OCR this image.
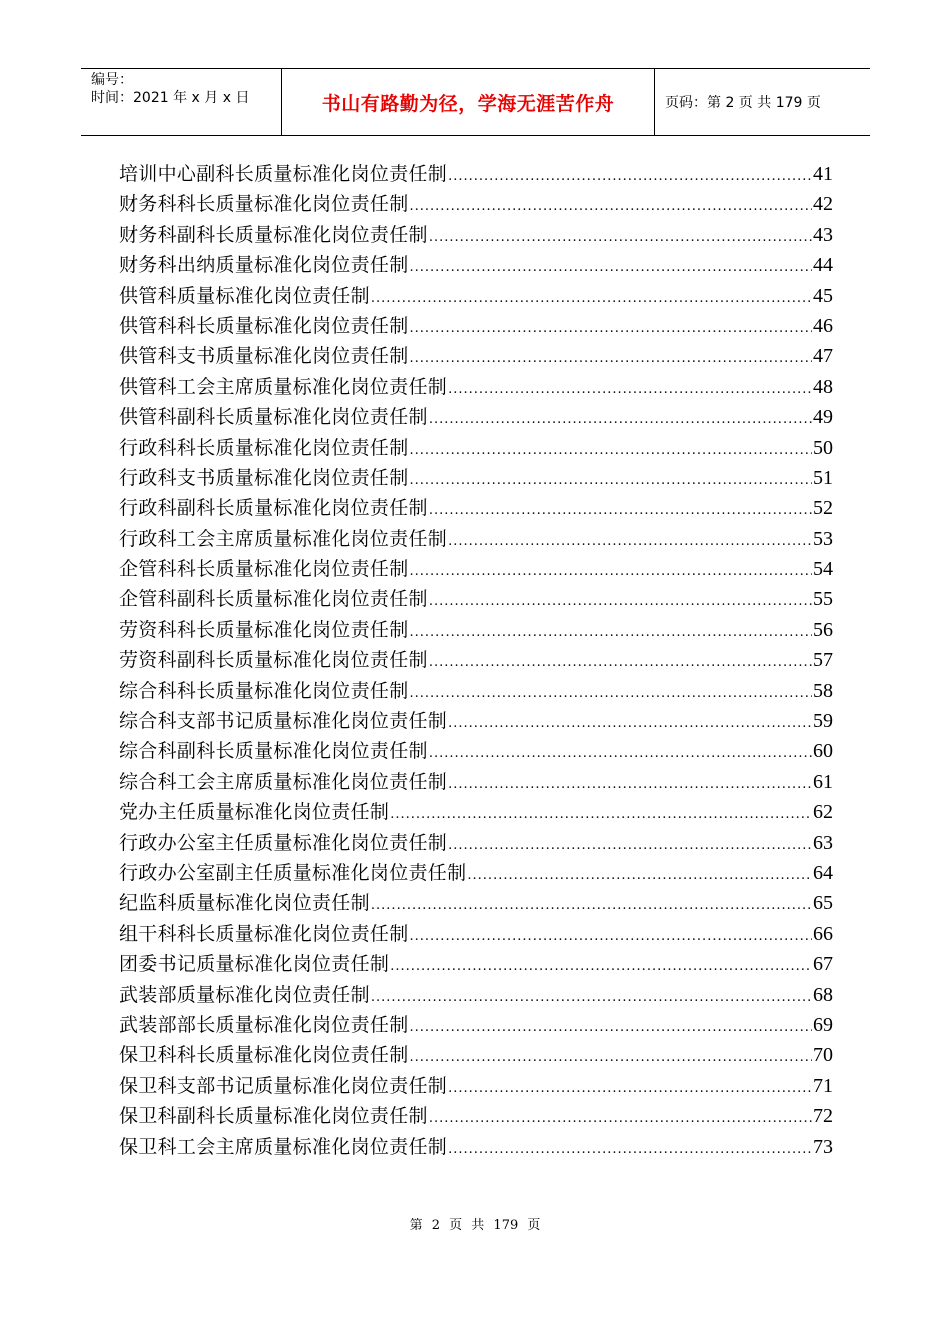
编号：
时间：2021 年 x 月 x 日	书山有路勤为径，学海无涯苦作舟	页码：第 2 页 共 179 页
培训中心副科长质量标准化岗位责任制 .....	41
财务科科长质量标准化岗位责任制 .....	42
财务科副科长质量标准化岗位责任制 .....	43
财务科出纳质量标准化岗位责任制 .....	44
供管科质量标准化岗位责任制 .....	45
供管科科长质量标准化岗位责任制 .....	46
供管科支书质量标准化岗位责任制 .....	47
供管科工会主席质量标准化岗位责任制 .....	48
供管科副科长质量标准化岗位责任制 .....	49
行政科科长质量标准化岗位责任制 .....	50
行政科支书质量标准化岗位责任制 .....	51
行政科副科长质量标准化岗位责任制 .....	52
行政科工会主席质量标准化岗位责任制 .....	53
企管科科长质量标准化岗位责任制 .....	54
企管科副科长质量标准化岗位责任制 .....	55
劳资科科长质量标准化岗位责任制 .....	56
劳资科副科长质量标准化岗位责任制 .....	57
综合科科长质量标准化岗位责任制 .....	58
综合科支部书记质量标准化岗位责任制 .....	59
综合科副科长质量标准化岗位责任制 .....	60
综合科工会主席质量标准化岗位责任制 .....	61
党办主任质量标准化岗位责任制 .....	62
行政办公室主任质量标准化岗位责任制 .....	63
行政办公室副主任质量标准化岗位责任制 .....	64
纪监科质量标准化岗位责任制 .....	65
组干科科长质量标准化岗位责任制 .....	66
团委书记质量标准化岗位责任制 .....	67
武装部质量标准化岗位责任制 .....	68
武装部部长质量标准化岗位责任制 .....	69
保卫科科长质量标准化岗位责任制 .....	70
保卫科支部书记质量标准化岗位责任制 .....	71
保卫科副科长质量标准化岗位责任制 .....	72
保卫科工会主席质量标准化岗位责任制 .....	73
第 2 页 共 179 页
